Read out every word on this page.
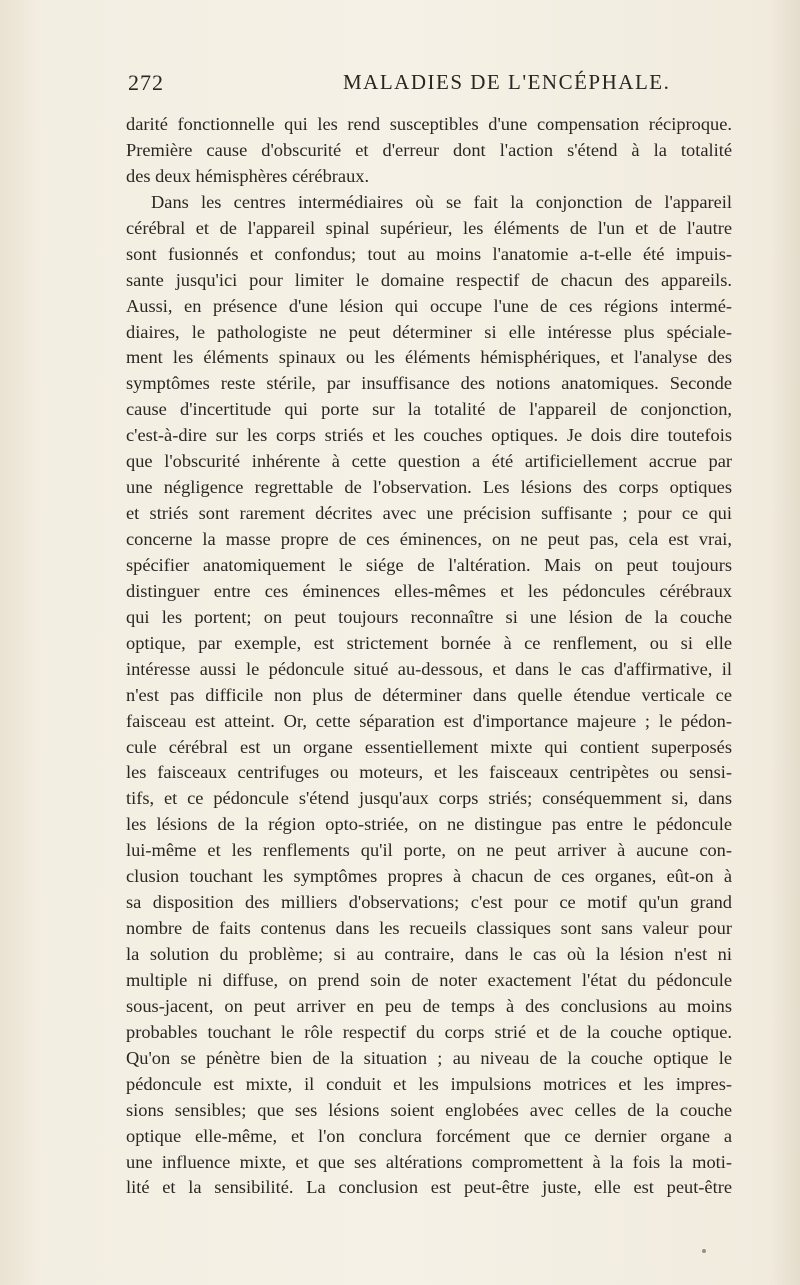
272	MALADIES DE L'ENCÉPHALE.
darité fonctionnelle qui les rend susceptibles d'une compensation réciproque.
Première cause d'obscurité et d'erreur dont l'action s'étend à la totalité
des deux hémisphères cérébraux.
Dans les centres intermédiaires où se fait la conjonction de l'appareil
cérébral et de l'appareil spinal supérieur, les éléments de l'un et de l'autre
sont fusionnés et confondus; tout au moins l'anatomie a-t-elle été impuis-
sante jusqu'ici pour limiter le domaine respectif de chacun des appareils.
Aussi, en présence d'une lésion qui occupe l'une de ces régions intermé-
diaires, le pathologiste ne peut déterminer si elle intéresse plus spéciale-
ment les éléments spinaux ou les éléments hémisphériques, et l'analyse des
symptômes reste stérile, par insuffisance des notions anatomiques. Seconde
cause d'incertitude qui porte sur la totalité de l'appareil de conjonction,
c'est-à-dire sur les corps striés et les couches optiques. Je dois dire toutefois
que l'obscurité inhérente à cette question a été artificiellement accrue par
une négligence regrettable de l'observation. Les lésions des corps optiques
et striés sont rarement décrites avec une précision suffisante ; pour ce qui
concerne la masse propre de ces éminences, on ne peut pas, cela est vrai,
spécifier anatomiquement le siége de l'altération. Mais on peut toujours
distinguer entre ces éminences elles-mêmes et les pédoncules cérébraux
qui les portent; on peut toujours reconnaître si une lésion de la couche
optique, par exemple, est strictement bornée à ce renflement, ou si elle
intéresse aussi le pédoncule situé au-dessous, et dans le cas d'affirmative, il
n'est pas difficile non plus de déterminer dans quelle étendue verticale ce
faisceau est atteint. Or, cette séparation est d'importance majeure ; le pédon-
cule cérébral est un organe essentiellement mixte qui contient superposés
les faisceaux centrifuges ou moteurs, et les faisceaux centripètes ou sensi-
tifs, et ce pédoncule s'étend jusqu'aux corps striés; conséquemment si, dans
les lésions de la région opto-striée, on ne distingue pas entre le pédoncule
lui-même et les renflements qu'il porte, on ne peut arriver à aucune con-
clusion touchant les symptômes propres à chacun de ces organes, eût-on à
sa disposition des milliers d'observations; c'est pour ce motif qu'un grand
nombre de faits contenus dans les recueils classiques sont sans valeur pour
la solution du problème; si au contraire, dans le cas où la lésion n'est ni
multiple ni diffuse, on prend soin de noter exactement l'état du pédoncule
sous-jacent, on peut arriver en peu de temps à des conclusions au moins
probables touchant le rôle respectif du corps strié et de la couche optique.
Qu'on se pénètre bien de la situation ; au niveau de la couche optique le
pédoncule est mixte, il conduit et les impulsions motrices et les impres-
sions sensibles; que ses lésions soient englobées avec celles de la couche
optique elle-même, et l'on conclura forcément que ce dernier organe a
une influence mixte, et que ses altérations compromettent à la fois la moti-
lité et la sensibilité. La conclusion est peut-être juste, elle est peut-être
